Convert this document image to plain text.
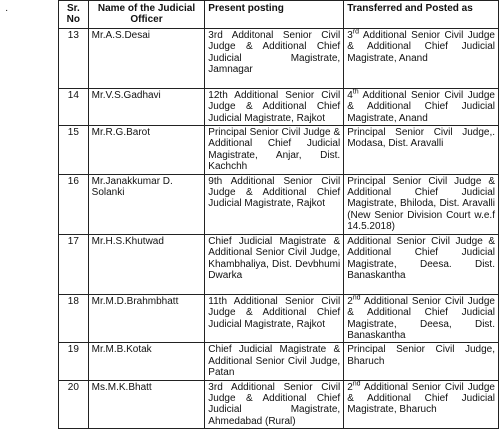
·	Sr. No	Name of the Judicial Officer	Present posting	Transferred and Posted as
13	Mr.A.S.Desai	3rd Additonal Senior Civil Judge & Additional Chief Judicial Magistrate, Jamnagar	3rd Additional Senior Civil Judge & Additional Chief Judicial Magistrate, Anand
14	Mr.V.S.Gadhavi	12th Additional Senior Civil Judge & Additional Chief Judicial Magistrate, Rajkot	4th Additional Senior Civil Judge & Additional Chief Judicial Magistrate, Anand
15	Mr.R.G.Barot	Principal Senior Civil Judge & Additional Chief Judicial Magistrate, Anjar, Dist. Kachchh	Principal Senior Civil Judge,. Modasa, Dist. Aravalli
16	Mr.Janakkumar D. Solanki	9th Additional Senior Civil Judge & Additional Chief Judicial Magistrate, Rajkot	Principal Senior Civil Judge & Additional Chief Judicial Magistrate, Bhiloda, Dist. Aravalli (New Senior Division Court w.e.f 14.5.2018)
17	Mr.H.S.Khutwad	Chief Judicial Magistrate & Additional Senior Civil Judge, Khambhaliya, Dist. Devbhumi Dwarka	Additional Senior Civil Judge & Additional Chief Judicial Magistrate, Deesa. Dist. Banaskantha
18	Mr.M.D.Brahmbhatt	11th Additional Senior Civil Judge & Additional Chief Judicial Magistrate, Rajkot	2nd Additional Senior Civil Judge & Additional Chief Judicial Magistrate, Deesa, Dist. Banaskantha
19	Mr.M.B.Kotak	Chief Judicial Magistrate & Additional Senior Civil Judge, Patan	Principal Senior Civil Judge, Bharuch
20	Ms.M.K.Bhatt	3rd Additional Senior Civil Judge & Additional Chief Judicial Magistrate, Ahmedabad (Rural)	2nd Additional Senior Civil Judge & Additional Chief Judicial Magistrate, Bharuch
